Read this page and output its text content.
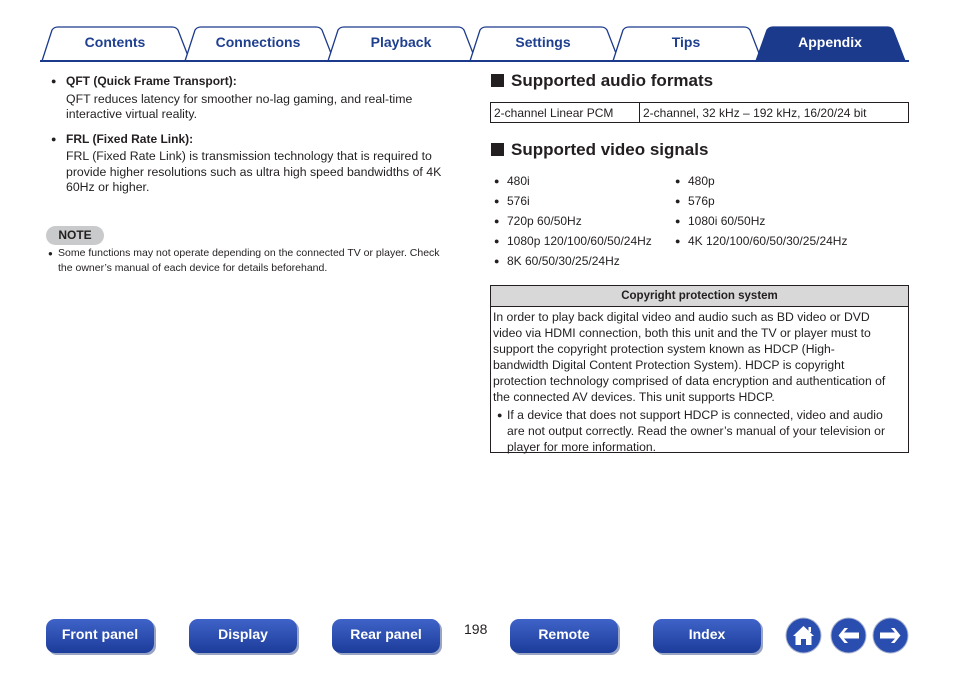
Contents	Connections	Playback	Settings	Tips	Appendix
● QFT (Quick Frame Transport):
QFT reduces latency for smoother no-lag gaming, and real-time
interactive virtual reality.
● FRL (Fixed Rate Link):
FRL (Fixed Rate Link) is transmission technology that is required to
provide higher resolutions such as ultra high speed bandwidths of 4K
60Hz or higher.
NOTE
● Some functions may not operate depending on the connected TV or player. Check
the owner’s manual of each device for details beforehand.
Supported audio formats
2-channel Linear PCM	2-channel, 32 kHz – 192 kHz, 16/20/24 bit
Supported video signals
● 480i
● 576i
● 720p 60/50Hz
● 1080p 120/100/60/50/24Hz
● 8K 60/50/30/25/24Hz
● 480p
● 576p
● 1080i 60/50Hz
● 4K 120/100/60/50/30/25/24Hz
Copyright protection system
In order to play back digital video and audio such as BD video or DVD
video via HDMI connection, both this unit and the TV or player must to
support the copyright protection system known as HDCP (High-
bandwidth Digital Content Protection System). HDCP is copyright
protection technology comprised of data encryption and authentication of
the connected AV devices. This unit supports HDCP.
● If a device that does not support HDCP is connected, video and audio
are not output correctly. Read the owner’s manual of your television or
player for more information.
Front panel	Display	Rear panel	198	Remote	Index
